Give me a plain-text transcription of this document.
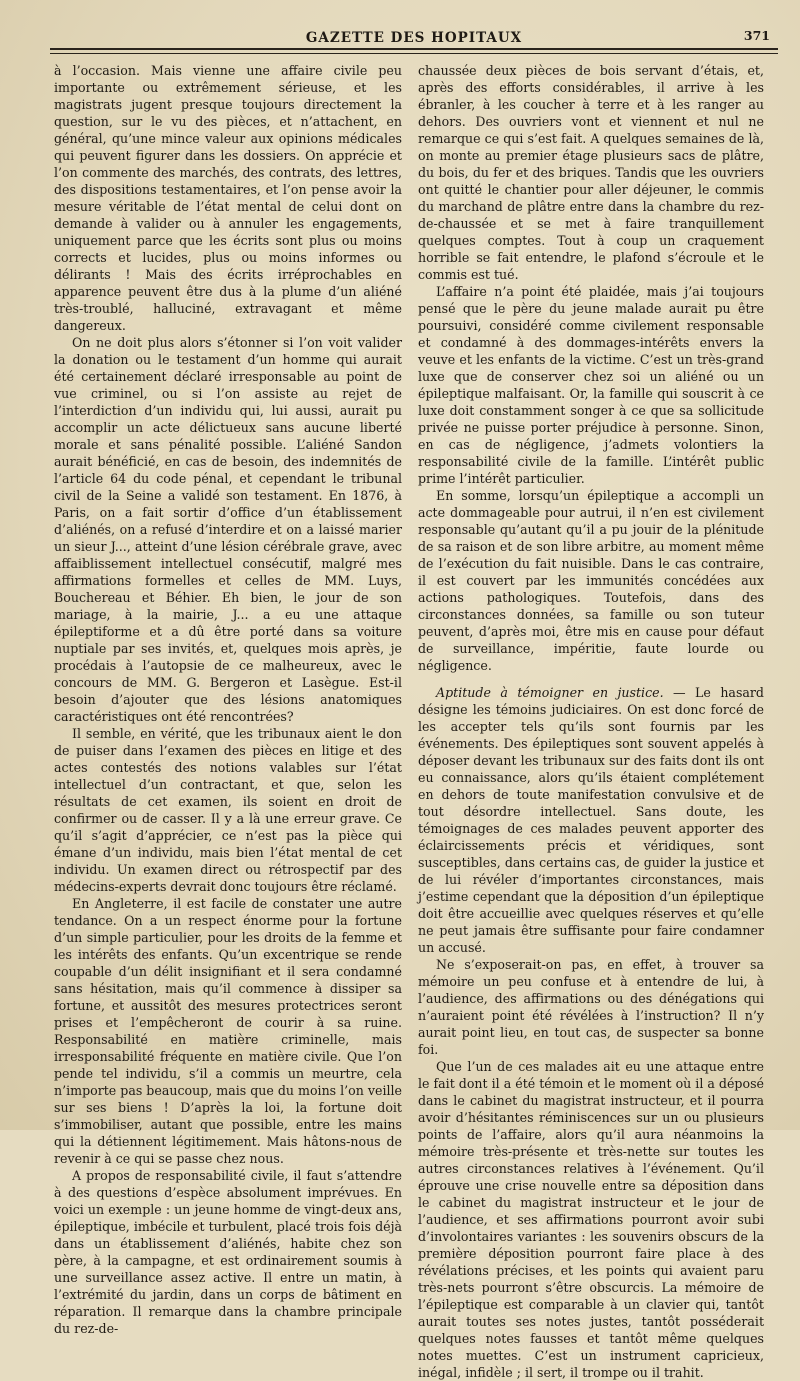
GAZETTE DES HOPITAUX	371

à l’occasion. Mais vienne une affaire civile peu importante ou extrêmement sérieuse, et les magistrats jugent presque toujours directement la question, sur le vu des pièces, et n’attachent, en général, qu’une mince valeur aux opinions médicales qui peuvent figurer dans les dossiers. On apprécie et l’on commente des marchés, des contrats, des lettres, des dispositions testamentaires, et l’on pense avoir la mesure véritable de l’état mental de celui dont on demande à valider ou à annuler les engagements, uniquement parce que les écrits sont plus ou moins corrects et lucides, plus ou moins informes ou délirants ! Mais des écrits irréprochables en apparence peuvent être dus à la plume d’un aliéné très-troublé, halluciné, extravagant et même dangereux.

On ne doit plus alors s’étonner si l’on voit valider la donation ou le testament d’un homme qui aurait été certainement déclaré irresponsable au point de vue criminel, ou si l’on assiste au rejet de l’interdiction d’un individu qui, lui aussi, aurait pu accomplir un acte délictueux sans aucune liberté morale et sans pénalité possible. L’aliéné Sandon aurait bénéficié, en cas de besoin, des indemnités de l’article 64 du code pénal, et cependant le tribunal civil de la Seine a validé son testament. En 1876, à Paris, on a fait sortir d’office d’un établissement d’aliénés, on a refusé d’interdire et on a laissé marier un sieur J..., atteint d’une lésion cérébrale grave, avec affaiblissement intellectuel consécutif, malgré mes affirmations formelles et celles de MM. Luys, Bouchereau et Béhier. Eh bien, le jour de son mariage, à la mairie, J... a eu une attaque épileptiforme et a dû être porté dans sa voiture nuptiale par ses invités, et, quelques mois après, je procédais à l’autopsie de ce malheureux, avec le concours de MM. G. Bergeron et Lasègue. Est-il besoin d’ajouter que des lésions anatomiques caractéristiques ont été rencontrées?

Il semble, en vérité, que les tribunaux aient le don de puiser dans l’examen des pièces en litige et des actes contestés des notions valables sur l’état intellectuel d’un contractant, et que, selon les résultats de cet examen, ils soient en droit de confirmer ou de casser. Il y a là une erreur grave. Ce qu’il s’agit d’apprécier, ce n’est pas la pièce qui émane d’un individu, mais bien l’état mental de cet individu. Un examen direct ou rétrospectif par des médecins-experts devrait donc toujours être réclamé.

En Angleterre, il est facile de constater une autre tendance. On a un respect énorme pour la fortune d’un simple particulier, pour les droits de la femme et les intérêts des enfants. Qu’un excentrique se rende coupable d’un délit insignifiant et il sera condamné sans hésitation, mais qu’il commence à dissiper sa fortune, et aussitôt des mesures protectrices seront prises et l’empêcheront de courir à sa ruine. Responsabilité en matière criminelle, mais irresponsabilité fréquente en matière civile. Que l’on pende tel individu, s’il a commis un meurtre, cela n’importe pas beaucoup, mais que du moins l’on veille sur ses biens ! D’après la loi, la fortune doit s’immobiliser, autant que possible, entre les mains qui la détiennent légitimement. Mais hâtons-nous de revenir à ce qui se passe chez nous.

A propos de responsabilité civile, il faut s’attendre à des questions d’espèce absolument imprévues. En voici un exemple : un jeune homme de vingt-deux ans, épileptique, imbécile et turbulent, placé trois fois déjà dans un établissement d’aliénés, habite chez son père, à la campagne, et est ordinairement soumis à une surveillance assez active. Il entre un matin, à l’extrémité du jardin, dans un corps de bâtiment en réparation. Il remarque dans la chambre principale du rez-de-

chaussée deux pièces de bois servant d’étais, et, après des efforts considérables, il arrive à les ébranler, à les coucher à terre et à les ranger au dehors. Des ouvriers vont et viennent et nul ne remarque ce qui s’est fait. A quelques semaines de là, on monte au premier étage plusieurs sacs de plâtre, du bois, du fer et des briques. Tandis que les ouvriers ont quitté le chantier pour aller déjeuner, le commis du marchand de plâtre entre dans la chambre du rez-de-chaussée et se met à faire tranquillement quelques comptes. Tout à coup un craquement horrible se fait entendre, le plafond s’écroule et le commis est tué.

L’affaire n’a point été plaidée, mais j’ai toujours pensé que le père du jeune malade aurait pu être poursuivi, considéré comme civilement responsable et condamné à des dommages-intérêts envers la veuve et les enfants de la victime. C’est un très-grand luxe que de conserver chez soi un aliéné ou un épileptique malfaisant. Or, la famille qui souscrit à ce luxe doit constamment songer à ce que sa sollicitude privée ne puisse porter préjudice à personne. Sinon, en cas de négligence, j’admets volontiers la responsabilité civile de la famille. L’intérêt public prime l’intérêt particulier.

En somme, lorsqu’un épileptique a accompli un acte dommageable pour autrui, il n’en est civilement responsable qu’autant qu’il a pu jouir de la plénitude de sa raison et de son libre arbitre, au moment même de l’exécution du fait nuisible. Dans le cas contraire, il est couvert par les immunités concédées aux actions pathologiques. Toutefois, dans des circonstances données, sa famille ou son tuteur peuvent, d’après moi, être mis en cause pour défaut de surveillance, impéritie, faute lourde ou négligence.

Aptitude à témoigner en justice. — Le hasard désigne les témoins judiciaires. On est donc forcé de les accepter tels qu’ils sont fournis par les événements. Des épileptiques sont souvent appelés à déposer devant les tribunaux sur des faits dont ils ont eu connaissance, alors qu’ils étaient complétement en dehors de toute manifestation convulsive et de tout désordre intellectuel. Sans doute, les témoignages de ces malades peuvent apporter des éclaircissements précis et véridiques, sont susceptibles, dans certains cas, de guider la justice et de lui révéler d’importantes circonstances, mais j’estime cependant que la déposition d’un épileptique doit être accueillie avec quelques réserves et qu’elle ne peut jamais être suffisante pour faire condamner un accusé.

Ne s’exposerait-on pas, en effet, à trouver sa mémoire un peu confuse et à entendre de lui, à l’audience, des affirmations ou des dénégations qui n’auraient point été révélées à l’instruction? Il n’y aurait point lieu, en tout cas, de suspecter sa bonne foi.

Que l’un de ces malades ait eu une attaque entre le fait dont il a été témoin et le moment où il a déposé dans le cabinet du magistrat instructeur, et il pourra avoir d’hésitantes réminiscences sur un ou plusieurs points de l’affaire, alors qu’il aura néanmoins la mémoire très-présente et très-nette sur toutes les autres circonstances relatives à l’événement. Qu’il éprouve une crise nouvelle entre sa déposition dans le cabinet du magistrat instructeur et le jour de l’audience, et ses affirmations pourront avoir subi d’involontaires variantes : les souvenirs obscurs de la première déposition pourront faire place à des révélations précises, et les points qui avaient paru très-nets pourront s’être obscurcis. La mémoire de l’épileptique est comparable à un clavier qui, tantôt aurait toutes ses notes justes, tantôt posséderait quelques notes fausses et tantôt même quelques notes muettes. C’est un instrument capricieux, inégal, infidèle ; il sert, il trompe ou il trahit.
